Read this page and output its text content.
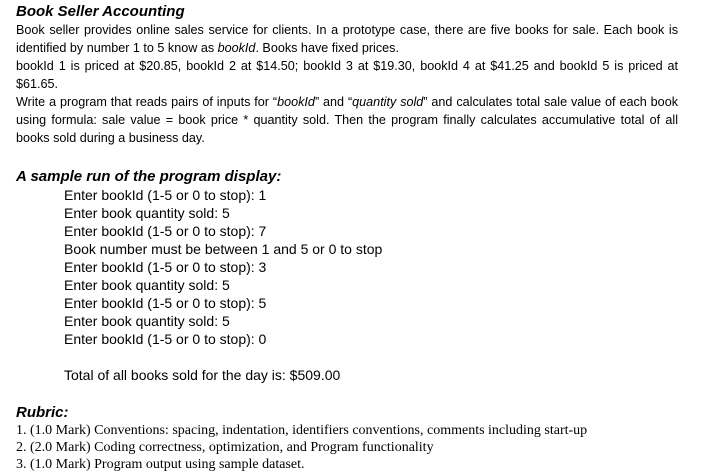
Book Seller Accounting

Book seller provides online sales service for clients. In a prototype case, there are five books for sale. Each book is identified by number 1 to 5 know as bookId. Books have fixed prices.

bookId 1 is priced at $20.85, bookId 2 at $14.50; bookId 3 at $19.30, bookId 4 at $41.25 and bookId 5 is priced at $61.65.

Write a program that reads pairs of inputs for “bookId” and “quantity sold” and calculates total sale value of each book using formula: sale value = book price * quantity sold. Then the program finally calculates accumulative total of all books sold during a business day.

A sample run of the program display:
Enter bookId (1-5 or 0 to stop): 1
Enter book quantity sold: 5
Enter bookId (1-5 or 0 to stop): 7
Book number must be between 1 and 5 or 0 to stop
Enter bookId (1-5 or 0 to stop): 3
Enter book quantity sold: 5
Enter bookId (1-5 or 0 to stop): 5
Enter book quantity sold: 5
Enter bookId (1-5 or 0 to stop): 0
Total of all books sold for the day is: $509.00
Rubric:
1. (1.0 Mark) Conventions: spacing, indentation, identifiers conventions, comments including start-up
2. (2.0 Mark) Coding correctness, optimization, and Program functionality
3. (1.0 Mark) Program output using sample dataset.
